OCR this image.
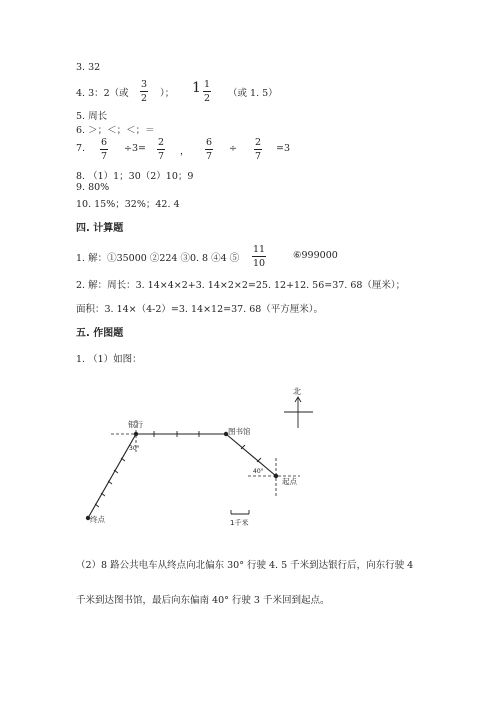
3. 32
4. 3：2（或
3
2 ）； 1 1
2 （或 1. 5）
5. 周长
6. ＞；＜；＜；＝
7.
6
7
÷3=
2
7 ，
6
7
÷
2
7
=3
8. （1）1；30（2）10；9
9. 80%
10. 15%；32%；42. 4
四. 计算题
1. 解：①35000 ②224 ③0. 8 ④4 ⑤
11
10
⑥999000
2. 解：周长：3. 14×4×2+3. 14×2×2=25. 12+12. 56=37. 68（厘米）；
面积：3. 14×（4-2）=3. 14×12=37. 68（平方厘米）。
五. 作图题
1. （1）如图：
北
银行
图书馆
起点
终点
30°
40°
1千米
（2）8 路公共电车从终点向北偏东 30° 行驶 4. 5 千米到达银行后，向东行驶 4
千米到达图书馆，最后向东偏南 40° 行驶 3 千米回到起点。
